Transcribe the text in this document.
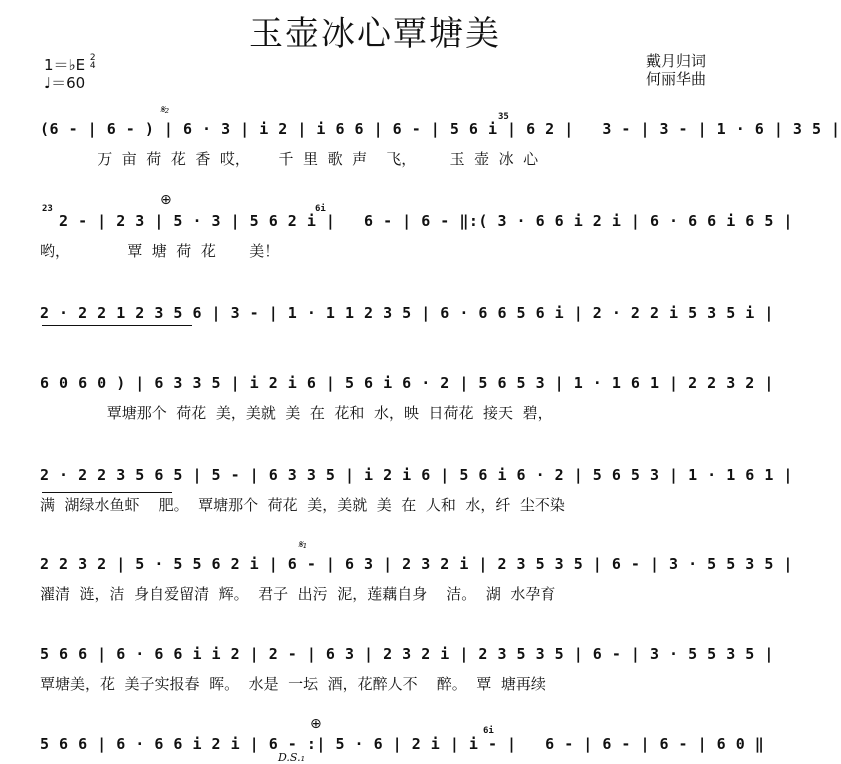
玉壶冰心覃塘美
1＝♭E 2
4
♩＝60
戴月归词
何丽华曲
(6 - | 6 - ) | 6 · 3 | i 2 | i 6 6 | 6 - | 5 6 i | 6 2 |   3 - | 3 - | 1 · 6 | 3 5 |
万  亩  荷  花  香  哎，      千  里  歌  声    飞，       玉  壶  冰  心
𝄋₂
35
2 - | 2 3 | 5 · 3 | 5 6 2 i |   6 - | 6 - ‖:( 3 · 6 6 i 2 i | 6 · 6 6 i 6 5 |
哟，            覃  塘  荷  花       美！
⊕
23	6i
2 · 2 2 1 2 3 5 6 | 3 - | 1 · 1 1 2 3 5 | 6 · 6 6 5 6 i | 2 · 2 2 i 5 3 5 i |
6 0 6 0 ) | 6 3 3 5 | i 2 i 6 | 5 6 i 6 · 2 | 5 6 5 3 | 1 · 1 6 1 | 2 2 3 2 |
覃塘那个  荷花  美，美就  美  在  花和  水，映  日荷花  接天  碧，
2 · 2 2 3 5 6 5 | 5 - | 6 3 3 5 | i 2 i 6 | 5 6 i 6 · 2 | 5 6 5 3 | 1 · 1 6 1 |
满  湖绿水鱼虾    肥。  覃塘那个  荷花  美，美就  美  在  人和  水，纤  尘不染
2 2 3 2 | 5 · 5 5 6 2 i | 6 - | 6 3 | 2 3 2 i | 2 3 5 3 5 | 6 - | 3 · 5 5 3 5 |
濯清  涟，洁  身自爱留清  辉。  君子  出污  泥，莲藕自身    洁。  湖  水孕育
𝄋₁
5 6 6 | 6 · 6 6 i i 2 | 2 - | 6 3 | 2 3 2 i | 2 3 5 3 5 | 6 - | 3 · 5 5 3 5 |
覃塘美，花  美子实报春  晖。  水是  一坛  酒，花醉人不    醉。  覃  塘再续
5 6 6 | 6 · 6 6 i 2 i | 6 - :| 5 · 6 | 2 i | i - |   6 - | 6 - | 6 - | 6 0 ‖
⊕
D.S.₁
6i
